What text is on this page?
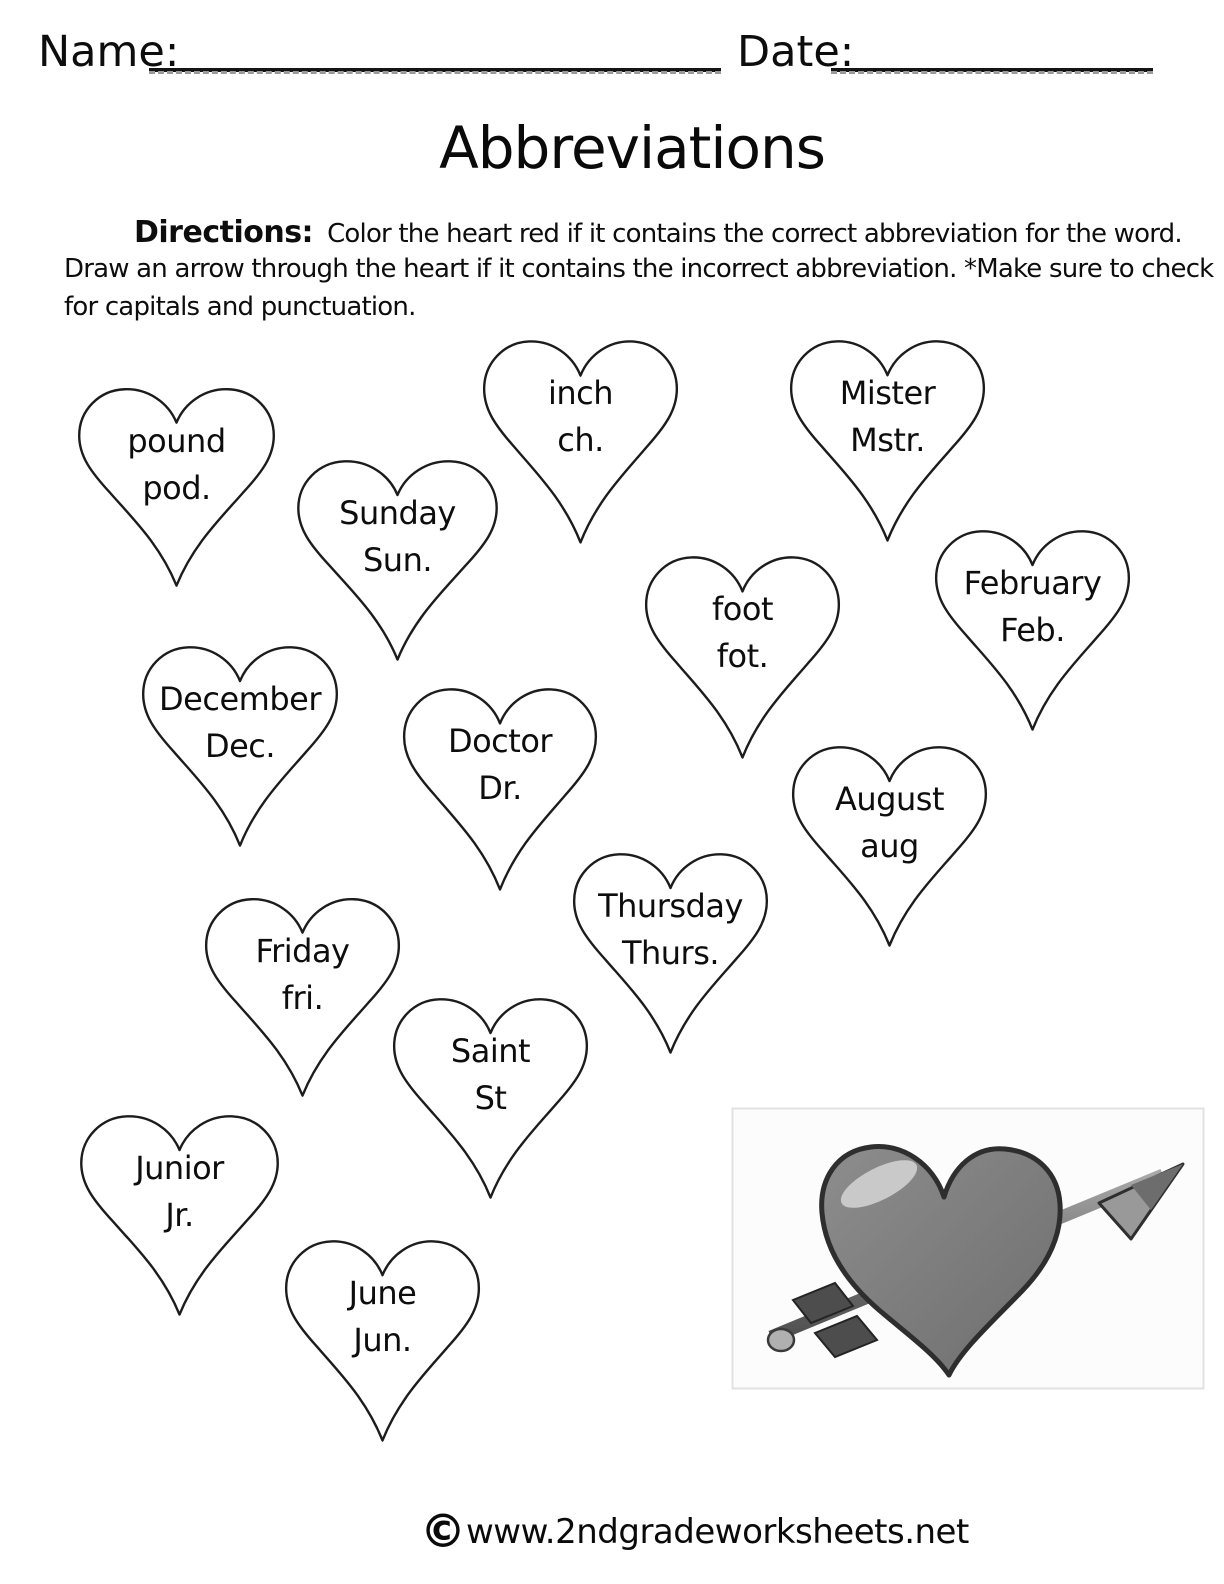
Name:	Date:
Abbreviations
Directions: Color the heart red if it contains the correct abbreviation for the word.
Draw an arrow through the heart if it contains the incorrect abbreviation. *Make sure to check
for capitals and punctuation.
pound
pod.
Sunday
Sun.
inch
ch.
Mister
Mstr.
February
Feb.
foot
fot.
December
Dec.	Doctor
Dr.	August
aug
Thursday
Thurs.
Friday
fri.
Saint
St
Junior
Jr.
June
Jun.
©www.2ndgradeworksheets.net
